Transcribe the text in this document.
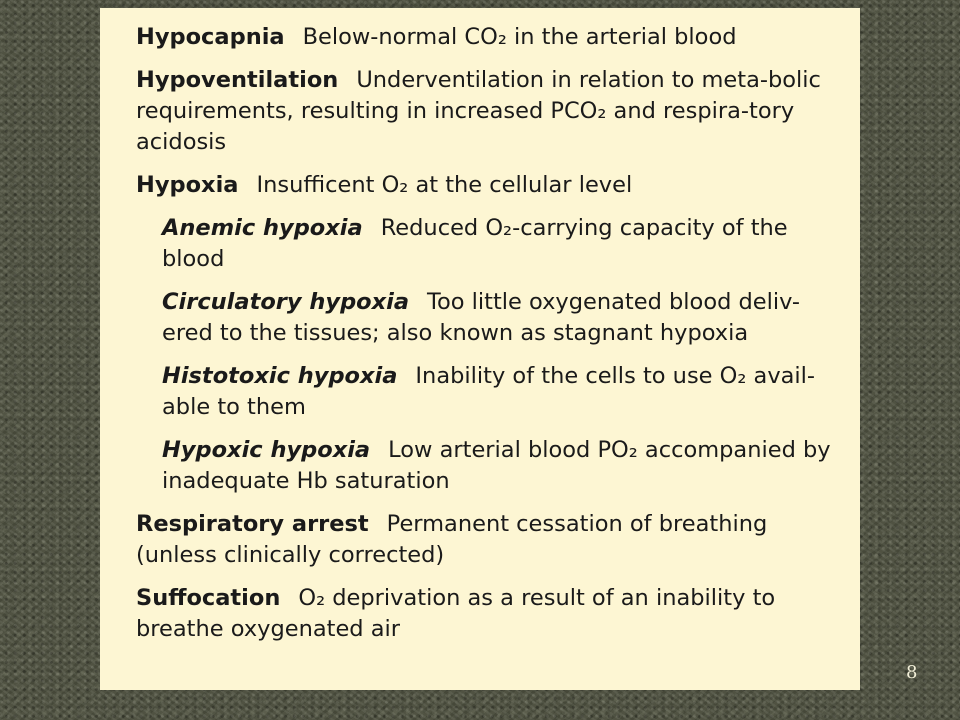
Hypocapnia Below-normal CO₂ in the arterial blood
Hypoventilation Underventilation in relation to meta-bolic requirements, resulting in increased PCO₂ and respira-tory acidosis
Hypoxia Insufficent O₂ at the cellular level
Anemic hypoxia Reduced O₂-carrying capacity of the blood
Circulatory hypoxia Too little oxygenated blood deliv-ered to the tissues; also known as stagnant hypoxia
Histotoxic hypoxia Inability of the cells to use O₂ avail-able to them
Hypoxic hypoxia Low arterial blood PO₂ accompanied by inadequate Hb saturation
Respiratory arrest Permanent cessation of breathing (unless clinically corrected)
Suffocation O₂ deprivation as a result of an inability to breathe oxygenated air
8
